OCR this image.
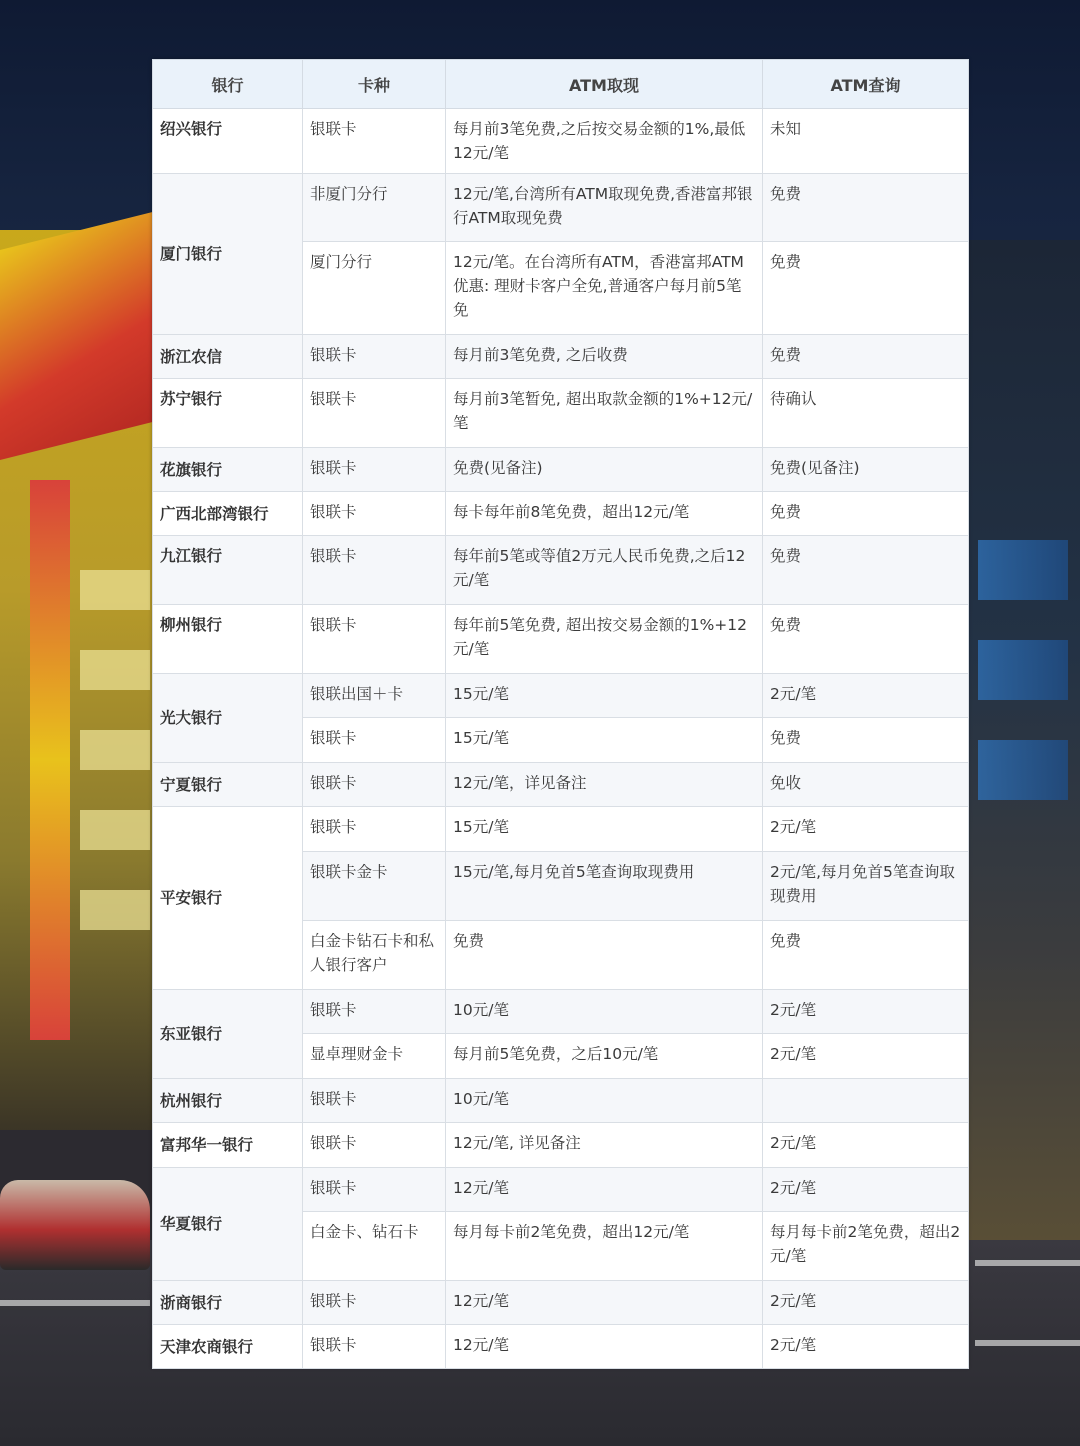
银行	卡种	ATM取现	ATM查询
绍兴银行	银联卡	每月前3笔免费,之后按交易金额的1%,最低12元/笔	未知
厦门银行	非厦门分行	12元/笔,台湾所有ATM取现免费,香港富邦银行ATM取现免费	免费
	厦门分行	12元/笔。在台湾所有ATM，香港富邦ATM优惠: 理财卡客户全免,普通客户每月前5笔免	免费
浙江农信	银联卡	每月前3笔免费, 之后收费	免费
苏宁银行	银联卡	每月前3笔暂免, 超出取款金额的1%+12元/笔	待确认
花旗银行	银联卡	免费(见备注)	免费(见备注)
广西北部湾银行	银联卡	每卡每年前8笔免费，超出12元/笔	免费
九江银行	银联卡	每年前5笔或等值2万元人民币免费,之后12元/笔	免费
柳州银行	银联卡	每年前5笔免费, 超出按交易金额的1%+12元/笔	免费
光大银行	银联出国＋卡	15元/笔	2元/笔
	银联卡	15元/笔	免费
宁夏银行	银联卡	12元/笔，详见备注	免收
平安银行	银联卡	15元/笔	2元/笔
	银联卡金卡	15元/笔,每月免首5笔查询取现费用	2元/笔,每月免首5笔查询取现费用
	白金卡钻石卡和私人银行客户	免费	免费
东亚银行	银联卡	10元/笔	2元/笔
	显卓理财金卡	每月前5笔免费，之后10元/笔	2元/笔
杭州银行	银联卡	10元/笔	
富邦华一银行	银联卡	12元/笔, 详见备注	2元/笔
华夏银行	银联卡	12元/笔	2元/笔
	白金卡、钻石卡	每月每卡前2笔免费，超出12元/笔	每月每卡前2笔免费，超出2元/笔
浙商银行	银联卡	12元/笔	2元/笔
天津农商银行	银联卡	12元/笔	2元/笔
